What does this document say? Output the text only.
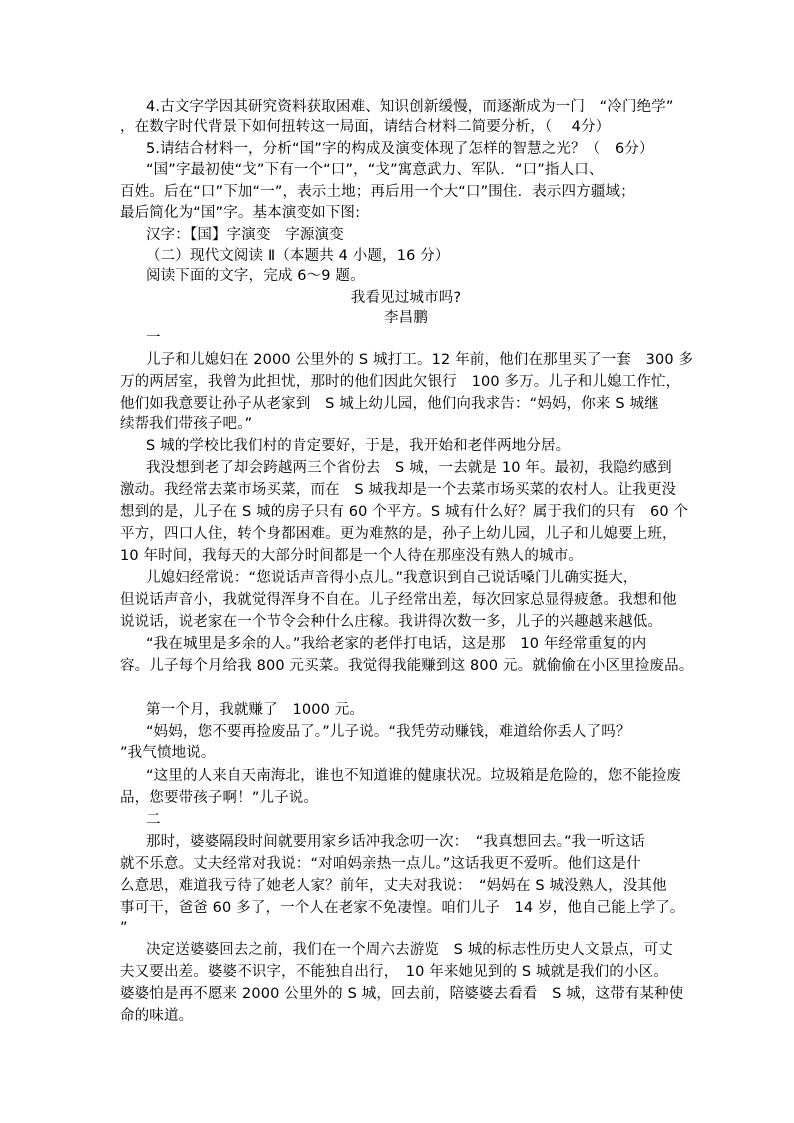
4.古文字学因其研究资料获取困难、知识创新缓慢，而逐渐成为一门　“冷门绝学”
，在数字时代背景下如何扭转这一局面，请结合材料二简要分析，（　 4分）
5.请结合材料一，分析“国”字的构成及演变体现了怎样的智慧之光？（　6分）
“国”字最初使“戈”下有一个“口”，“戈”寓意武力、军队．“口”指人口、
百姓。后在“口”下加“一”，表示土地；再后用一个大“口”围住．表示四方疆域；
最后简化为“国”字。基本演变如下图:
汉字：【国】字演变　字源演变
（二）现代文阅读 Ⅱ（本题共 4 小题，16 分）
阅读下面的文字，完成 6～9 题。
我看见过城市吗?
李昌鹏
一
儿子和儿媳妇在 2000 公里外的 S 城打工。12 年前，他们在那里买了一套　300 多
万的两居室，我曾为此担忧，那时的他们因此欠银行　100 多万。儿子和儿媳工作忙，
他们如我意要让孙子从老家到　S 城上幼儿园，他们向我求告：“妈妈，你来 S 城继
续帮我们带孩子吧。”
S 城的学校比我们村的肯定要好，于是，我开始和老伴两地分居。
我没想到老了却会跨越两三个省份去　S 城，一去就是 10 年。最初，我隐约感到
激动。我经常去菜市场买菜，而在　S 城我却是一个去菜市场买菜的农村人。让我更没
想到的是，儿子在 S 城的房子只有 60 个平方。S 城有什么好？属于我们的只有　60 个
平方，四口人住，转个身都困难。更为难熬的是，孙子上幼儿园，儿子和儿媳要上班，
10 年时间，我每天的大部分时间都是一个人待在那座没有熟人的城市。
儿媳妇经常说：“您说话声音得小点儿。”我意识到自己说话嗓门儿确实挺大，
但说话声音小，我就觉得浑身不自在。儿子经常出差，每次回家总显得疲惫。我想和他
说说话，说老家在一个节令会种什么庄稼。我讲得次数一多，儿子的兴趣越来越低。
“我在城里是多余的人。”我给老家的老伴打电话，这是那　10 年经常重复的内
容。儿子每个月给我 800 元买菜。我觉得我能赚到这 800 元。就偷偷在小区里捡废品。
第一个月，我就赚了　1000 元。
“妈妈，您不要再捡废品了。”儿子说。“我凭劳动赚钱，难道给你丢人了吗？
”我气愤地说。
“这里的人来自天南海北，谁也不知道谁的健康状况。垃圾箱是危险的，您不能捡废
品，您要带孩子啊！”儿子说。
二
那时，婆婆隔段时间就要用家乡话冲我念叨一次：　“我真想回去。”我一听这话
就不乐意。丈夫经常对我说：“对咱妈亲热一点儿。”这话我更不爱听。他们这是什
么意思，难道我亏待了她老人家？前年，丈夫对我说：　“妈妈在 S 城没熟人，没其他
事可干，爸爸 60 多了，一个人在老家不免凄惶。咱们儿子　14 岁，他自己能上学了。
”
决定送婆婆回去之前，我们在一个周六去游览　S 城的标志性历史人文景点，可丈
夫又要出差。婆婆不识字，不能独自出行，　10 年来她见到的 S 城就是我们的小区。
婆婆怕是再不愿来 2000 公里外的 S 城，回去前，陪婆婆去看看　S 城，这带有某种使
命的味道。
